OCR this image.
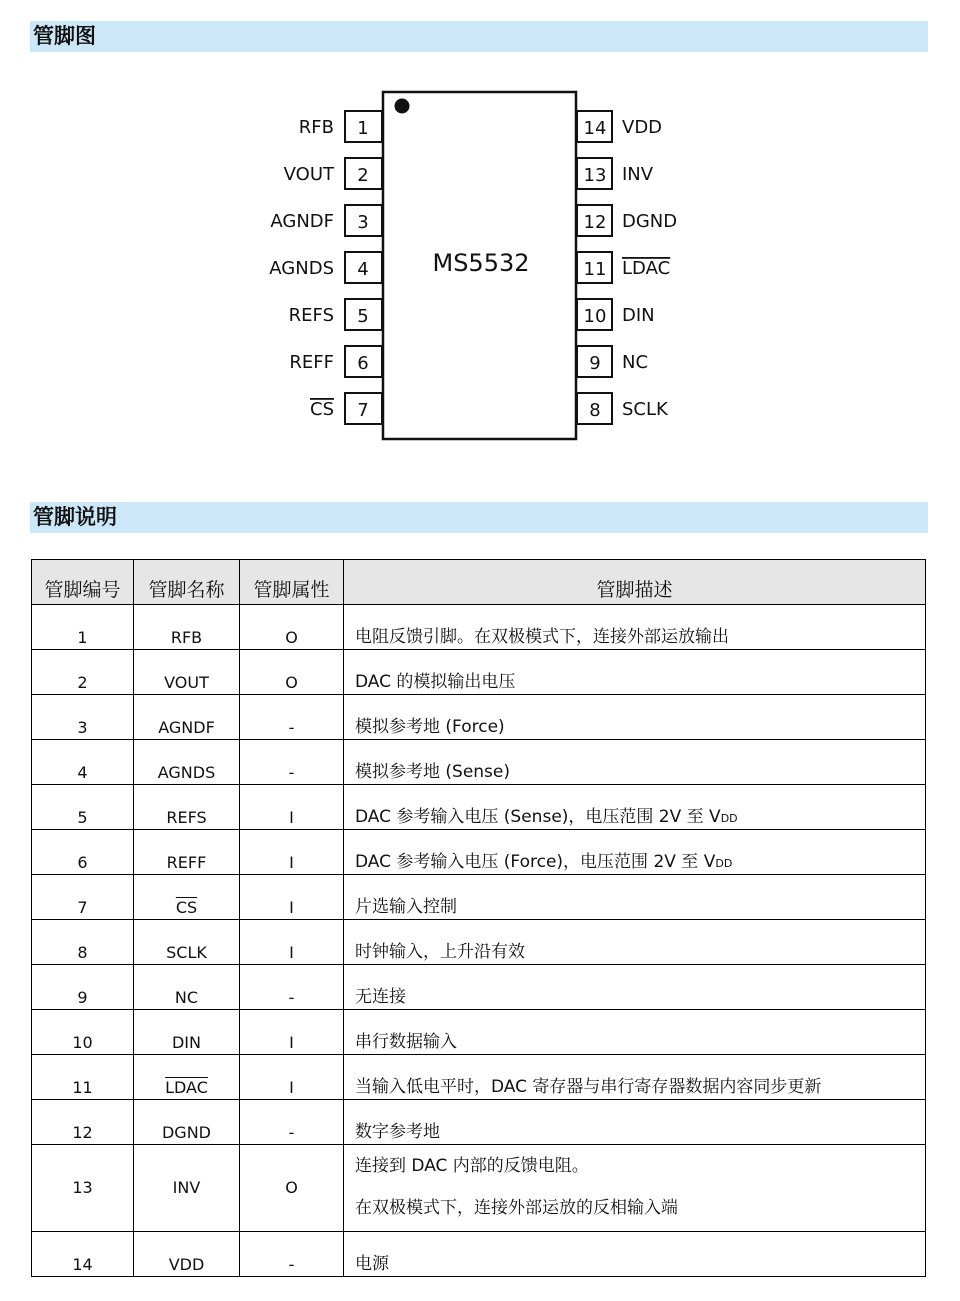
管脚图
MS5532
1
RFB
2
VOUT
3
AGNDF
4
AGNDS
5
REFS
6
REFF
7
CS
14 VDD
13 INV
12 DGND
11 LDAC
10 DIN
9 NC
8 SCLK
管脚说明
管脚编号	管脚名称	管脚属性	管脚描述
1	RFB	O	电阻反馈引脚。在双极模式下，连接外部运放输出

2	VOUT	O	DAC 的模拟输出电压

3	AGNDF	-	模拟参考地 (Force)

4	AGNDS	-	模拟参考地 (Sense)

5	REFS	I	DAC 参考输入电压 (Sense)，电压范围 2V 至 VDD

6	REFF	I	DAC 参考输入电压 (Force)，电压范围 2V 至 VDD

7	$\overline{CS}$	I	片选输入控制

8	SCLK	I	时钟输入，上升沿有效

9	NC	-	无连接

10	DIN	I	串行数据输入

11	LDAC	I	当输入低电平时，DAC 寄存器与串行寄存器数据内容同步更新

12	DGND	-	数字参考地

13	INV	O	连接到 DAC 内部的反馈电阻。
在双极模式下，连接外部运放的反相输入端

14	VDD	-	电源
